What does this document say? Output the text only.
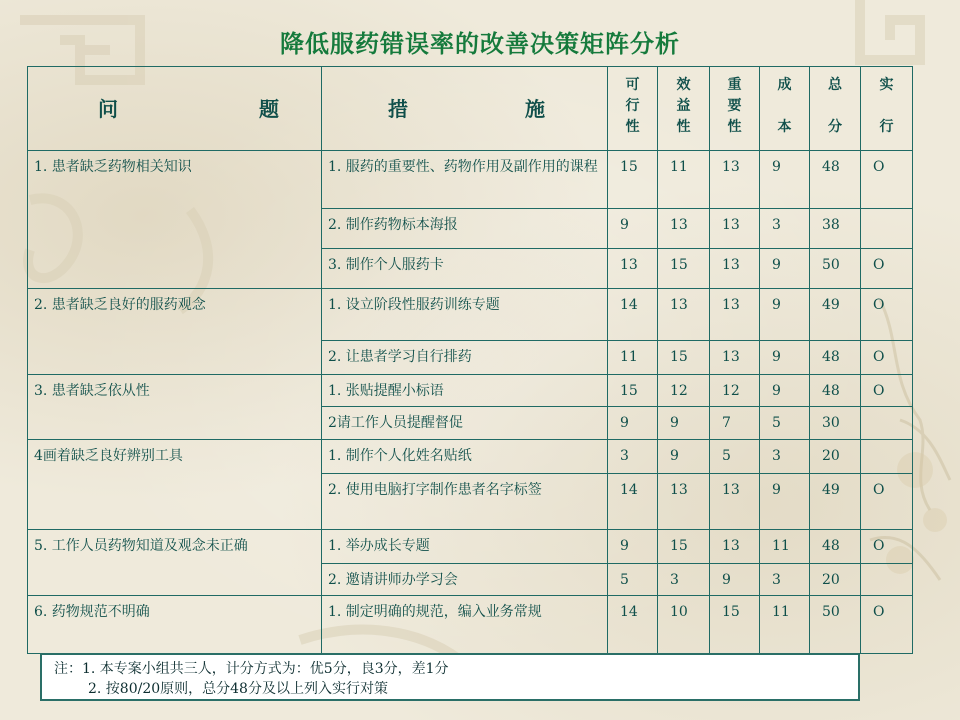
降低服药错误率的改善决策矩阵分析
问 题	措 施	可
行
性	效
益
性	重
要
性	成
本	总
分	实
行

1. 患者缺乏药物相关知识	1. 服药的重要性、药物作用及副作用的课程	15	11	13	9	48	O
	2. 制作药物标本海报	9	13	13	3	38	
	3. 制作个人服药卡	13	15	13	9	50	O
2. 患者缺乏良好的服药观念	1. 设立阶段性服药训练专题	14	13	13	9	49	O
	2. 让患者学习自行排药	11	15	13	9	48	O
3. 患者缺乏依从性	1. 张贴提醒小标语	15	12	12	9	48	O
	2请工作人员提醒督促	9	9	7	5	30	
4画着缺乏良好辨别工具	1. 制作个人化姓名贴纸	3	9	5	3	20	
	2. 使用电脑打字制作患者名字标签	14	13	13	9	49	O
5. 工作人员药物知道及观念未正确	1. 举办成长专题	9	15	13	11	48	O
	2. 邀请讲师办学习会	5	3	9	3	20	
6. 药物规范不明确	1. 制定明确的规范，编入业务常规	14	10	15	11	50	O
注：1. 本专案小组共三人，计分方式为：优5分，良3分，差1分
2. 按80/20原则，总分48分及以上列入实行对策
